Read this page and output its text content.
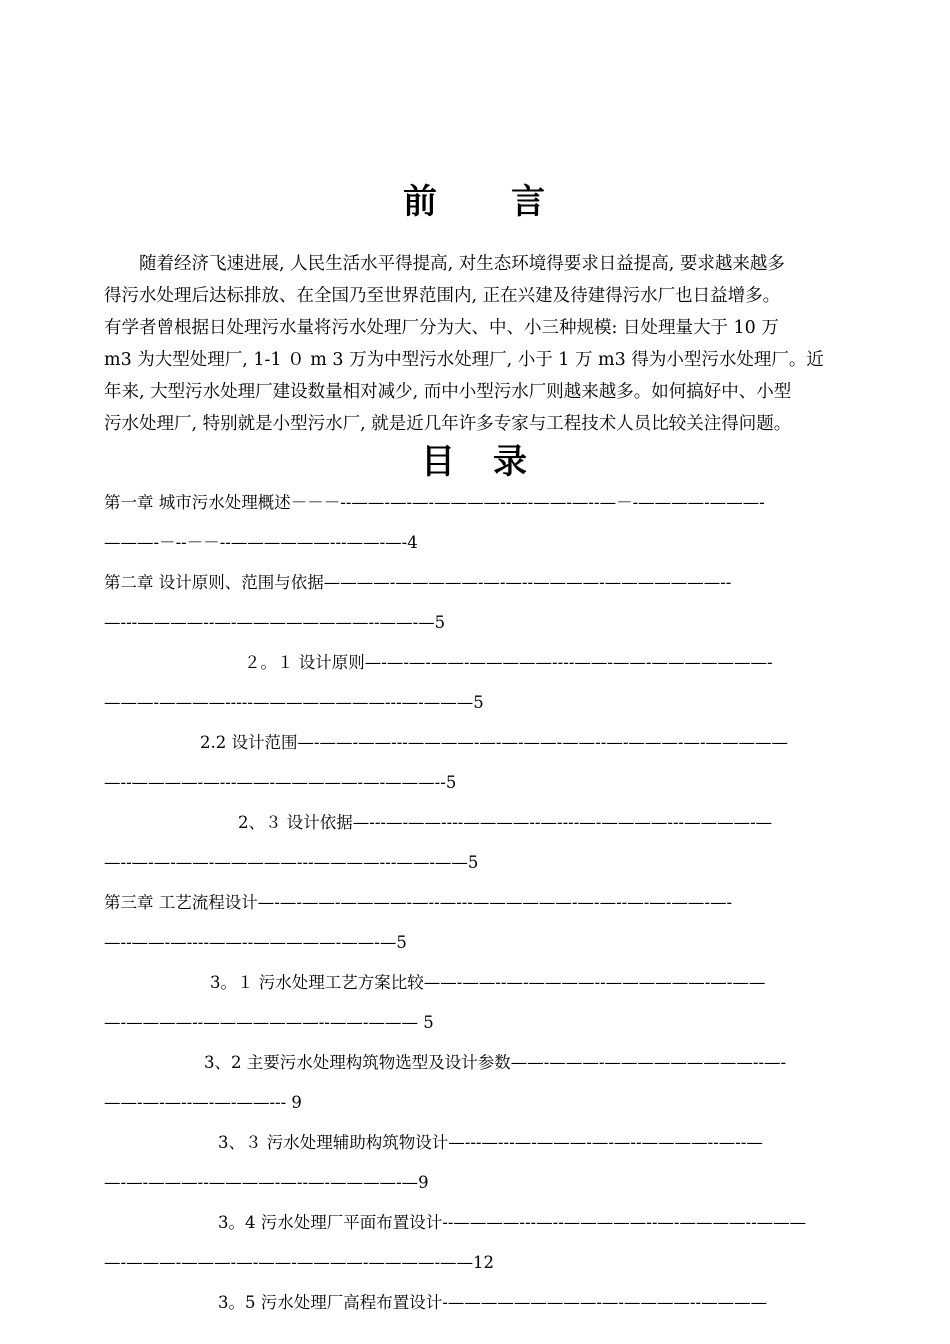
前　　言
　　随着经济飞速进展, 人民生活水平得提高, 对生态环境得要求日益提高, 要求越来越多
得污水处理后达标排放、在全国乃至世界范围内, 正在兴建及待建得污水厂也日益增多。
有学者曾根据日处理污水量将污水处理厂分为大、中、小三种规模: 日处理量大于 10 万
m3 为大型处理厂, 1-1 ０ m 3 万为中型污水处理厂, 小于 1 万 m3 得为小型污水处理厂。近
年来, 大型污水处理厂建设数量相对减少, 而中小型污水厂则越来越多。如何搞好中、小型
污水处理厂, 特别就是小型污水厂, 就是近几年许多专家与工程技术人员比较关注得问题。
目　录
第一章 城市污水处理概述－－－--——-—-—-————--—-——-—--—－-————-———-
———-－--－－--——————---——-—-4
第二章 设计原则、范围与依据————-—————-—-—--————-———————--
—---————--—-————————--——-—5
２。１ 设计原则—-—-—-——-—————----——-——-———————-
———-————-----————————---—-———5
2.2 设计范围—-——-——---————-—-—-——-——--—-———-—-—————
—--————-—---——-—————-—-———--5
2、３ 设计依据—---—-——----————--—----—-————---————-—
—--—-—-——-—————---————---——-——5
第三章 工艺流程设计—-—-——-————-—--—---——————-—-—--—-—-——-—-
—--——-—----——--—————-——-—5
3。１ 污水处理工艺方案比较——-——--—-————--——————-—-——
—-————--———————--——-——— 5
3、2 主要污水处理构筑物选型及设计参数——-———-—————————--—-
——-—-—--—-—-——--- 9
3、３ 污水处理辅助构筑物设计—---—---—-———-—-—--————--—--—
—-—-———--————-—--—-————-—9
3。4 污水处理厂平面布置设计--————---—--—————--—-————--———
—-———-———-—-——-————-————-——12
3。5 污水处理厂高程布置设计-—————————-—-————--————
